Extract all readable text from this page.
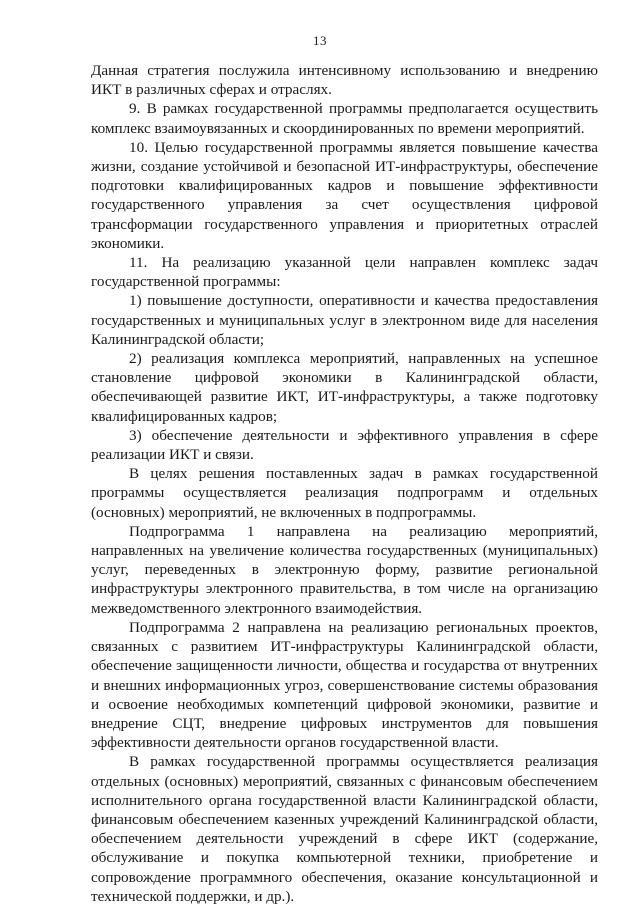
13

Данная стратегия послужила интенсивному использованию и внедрению ИКТ в различных сферах и отраслях.

9. В рамках государственной программы предполагается осуществить комплекс взаимоувязанных и скоординированных по времени мероприятий.

10. Целью государственной программы является повышение качества жизни, создание устойчивой и безопасной ИТ-инфраструктуры, обеспечение подготовки квалифицированных кадров и повышение эффективности государственного управления за счет осуществления цифровой трансформации государственного управления и приоритетных отраслей экономики.

11. На реализацию указанной цели направлен комплекс задач государственной программы:

1) повышение доступности, оперативности и качества предоставления государственных и муниципальных услуг в электронном виде для населения Калининградской области;

2) реализация комплекса мероприятий, направленных на успешное становление цифровой экономики в Калининградской области, обеспечивающей развитие ИКТ, ИТ-инфраструктуры, а также подготовку квалифицированных кадров;

3) обеспечение деятельности и эффективного управления в сфере реализации ИКТ и связи.

В целях решения поставленных задач в рамках государственной программы осуществляется реализация подпрограмм и отдельных (основных) мероприятий, не включенных в подпрограммы.

Подпрограмма 1 направлена на реализацию мероприятий, направленных на увеличение количества государственных (муниципальных) услуг, переведенных в электронную форму, развитие региональной инфраструктуры электронного правительства, в том числе на организацию межведомственного электронного взаимодействия.

Подпрограмма 2 направлена на реализацию региональных проектов, связанных с развитием ИТ-инфраструктуры Калининградской области, обеспечение защищенности личности, общества и государства от внутренних и внешних информационных угроз, совершенствование системы образования и освоение необходимых компетенций цифровой экономики, развитие и внедрение СЦТ, внедрение цифровых инструментов для повышения эффективности деятельности органов государственной власти.

В рамках государственной программы осуществляется реализация отдельных (основных) мероприятий, связанных с финансовым обеспечением исполнительного органа государственной власти Калининградской области, финансовым обеспечением казенных учреждений Калининградской области, обеспечением деятельности учреждений в сфере ИКТ (содержание, обслуживание и покупка компьютерной техники, приобретение и сопровождение программного обеспечения, оказание консультационной и технической поддержки, и др.).
